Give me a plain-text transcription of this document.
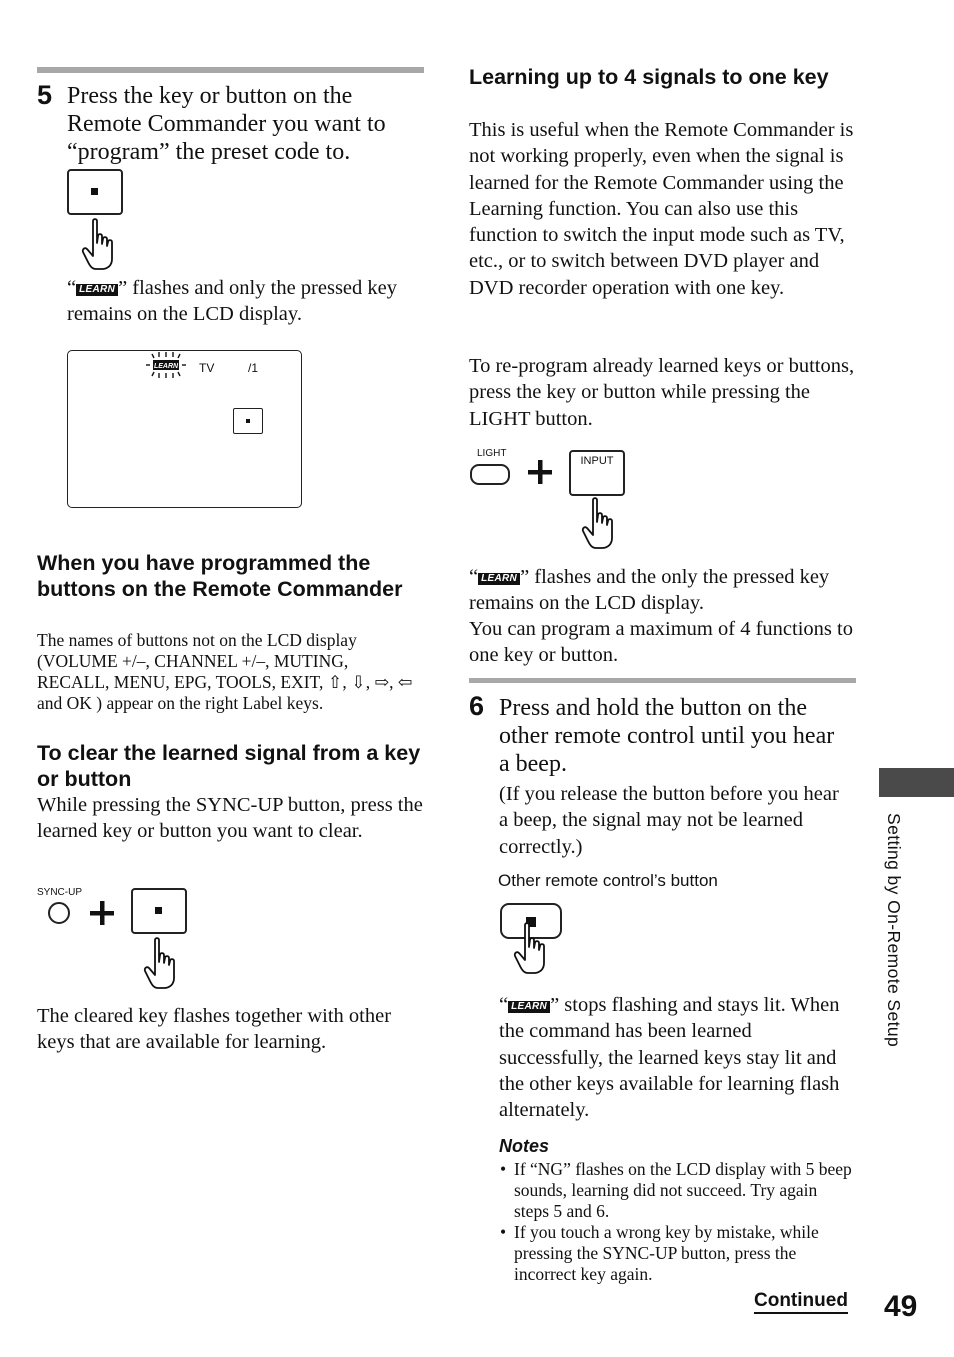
5 Press the key or button on the Remote Commander you want to “program” the preset code to.
“ LEARN ” flashes and only the pressed key remains on the LCD display.
LEARN TV	/1
When you have programmed the buttons on the Remote Commander
The names of buttons not on the LCD display (VOLUME +/–, CHANNEL +/–, MUTING, RECALL, MENU, EPG, TOOLS, EXIT, ⇧, ⇩, ⇨, ⇦ and OK ) appear on the right Label keys.
To clear the learned signal from a key or button
While pressing the SYNC-UP button, press the learned key or button you want to clear.
SYNC-UP
The cleared key flashes together with other keys that are available for learning.
Learning up to 4 signals to one key
This is useful when the Remote Commander is not working properly, even when the signal is learned for the Remote Commander using the Learning function. You can also use this function to switch the input mode such as TV, etc., or to switch between DVD player and DVD recorder operation with one key.
To re-program already learned keys or buttons, press the key or button while pressing the LIGHT button.
LIGHT
INPUT
“ LEARN ” flashes and the only the pressed key remains on the LCD display.
You can program a maximum of 4 functions to one key or button.
6 Press and hold the button on the other remote control until you hear a beep.
(If you release the button before you hear a beep, the signal may not be learned correctly.)
Other remote control’s button
“ LEARN ” stops flashing and stays lit. When the command has been learned successfully, the learned keys stay lit and the other keys available for learning flash alternately.
Notes
• If “NG” flashes on the LCD display with 5 beep sounds, learning did not succeed. Try again steps 5 and 6.
• If you touch a wrong key by mistake, while pressing the SYNC-UP button, press the incorrect key again.
Continued 49
Setting by On-Remote Setup
